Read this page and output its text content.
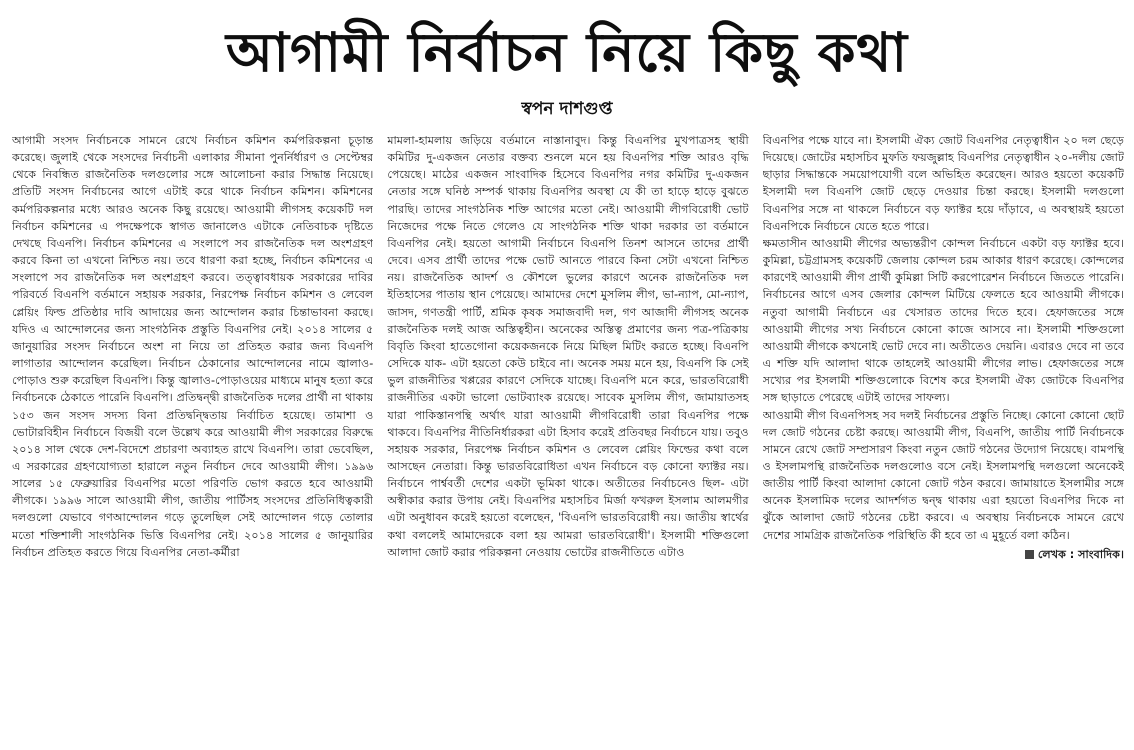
আগামী নির্বাচন নিয়ে কিছু কথা
স্বপন দাশগুপ্ত

আগামী সংসদ নির্বাচনকে সামনে রেখে নির্বাচন কমিশন কর্মপরিকল্পনা চূড়ান্ত করেছে। জুলাই থেকে সংসদের নির্বাচনী এলাকার সীমানা পুনর্নির্ধারণ ও সেপ্টেম্বর থেকে নিবন্ধিত রাজনৈতিক দলগুলোর সঙ্গে আলোচনা করার সিদ্ধান্ত নিয়েছে। প্রতিটি সংসদ নির্বাচনের আগে এটাই করে থাকে নির্বাচন কমিশন। কমিশনের কর্মপরিকল্পনার মধ্যে আরও অনেক কিছু রয়েছে। আওয়ামী লীগসহ কয়েকটি দল নির্বাচন কমিশনের এ পদক্ষেপকে স্বাগত জানালেও এটাকে নেতিবাচক দৃষ্টিতে দেখছে বিএনপি। নির্বাচন কমিশনের এ সংলাপে সব রাজনৈতিক দল অংশগ্রহণ করবে কিনা তা এখনো নিশ্চিত নয়। তবে ধারণা করা হচ্ছে, নির্বাচন কমিশনের এ সংলাপে সব রাজনৈতিক দল অংশগ্রহণ করবে। তত্ত্বাবধায়ক সরকারের দাবির পরিবর্তে বিএনপি বর্তমানে সহায়ক সরকার, নিরপেক্ষ নির্বাচন কমিশন ও লেবেল প্লেয়িং ফিল্ড প্রতিষ্ঠার দাবি আদায়ের জন্য আন্দোলন করার চিন্তাভাবনা করছে। যদিও এ আন্দোলনের জন্য সাংগঠনিক প্রস্তুতি বিএনপির নেই। ২০১৪ সালের ৫ জানুয়ারির সংসদ নির্বাচনে অংশ না নিয়ে তা প্রতিহত করার জন্য বিএনপি লাগাতার আন্দোলন করেছিল। নির্বাচন ঠেকানোর আন্দোলনের নামে জ্বালাও-পোড়াও শুরু করেছিল বিএনপি। কিন্তু জ্বালাও-পোড়াওয়ের মাধ্যমে মানুষ হত্যা করে নির্বাচনকে ঠেকাতে পারেনি বিএনপি। প্রতিদ্বন্দ্বী রাজনৈতিক দলের প্রার্থী না থাকায় ১৫৩ জন সংসদ সদস্য বিনা প্রতিদ্বন্দ্বিতায় নির্বাচিত হয়েছে। তামাশা ও ভোটারবিহীন নির্বাচনে বিজয়ী বলে উল্লেখ করে আওয়ামী লীগ সরকারের বিরুদ্ধে ২০১৪ সাল থেকে দেশ-বিদেশে প্রচারণা অব্যাহত রাখে বিএনপি। তারা ভেবেছিল, এ সরকারের গ্রহণযোগ্যতা হারালে নতুন নির্বাচন দেবে আওয়ামী লীগ। ১৯৯৬ সালের ১৫ ফেব্রুয়ারির বিএনপির মতো পরিণতি ভোগ করতে হবে আওয়ামী লীগকে। ১৯৯৬ সালে আওয়ামী লীগ, জাতীয় পার্টিসহ সংসদের প্রতিনিধিত্বকারী দলগুলো যেভাবে গণআন্দোলন গড়ে তুলেছিল সেই আন্দোলন গড়ে তোলার মতো শক্তিশালী সাংগঠনিক ভিত্তি বিএনপির নেই। ২০১৪ সালের ৫ জানুয়ারির নির্বাচন প্রতিহত করতে গিয়ে বিএনপির নেতা-কর্মীরা

মামলা-হামলায় জড়িয়ে বর্তমানে নাস্তানাবুদ। কিন্তু বিএনপির মুখপাত্রসহ স্থায়ী কমিটির দু-একজন নেতার বক্তব্য শুনলে মনে হয় বিএনপির শক্তি আরও বৃদ্ধি পেয়েছে। মাঠের একজন সাংবাদিক হিসেবে বিএনপির নগর কমিটির দু-একজন নেতার সঙ্গে ঘনিষ্ঠ সম্পর্ক থাকায় বিএনপির অবস্থা যে কী তা হাড়ে হাড়ে বুঝতে পারছি। তাদের সাংগঠনিক শক্তি আগের মতো নেই। আওয়ামী লীগবিরোধী ভোট নিজেদের পক্ষে নিতে গেলেও যে সাংগঠনিক শক্তি থাকা দরকার তা বর্তমানে বিএনপির নেই। হয়তো আগামী নির্বাচনে বিএনপি তিনশ আসনে তাদের প্রার্থী দেবে। এসব প্রার্থী তাদের পক্ষে ভোট আনতে পারবে কিনা সেটা এখনো নিশ্চিত নয়। রাজনৈতিক আদর্শ ও কৌশলে ভুলের কারণে অনেক রাজনৈতিক দল ইতিহাসের পাতায় স্থান পেয়েছে। আমাদের দেশে মুসলিম লীগ, ভা-ন্যাপ, মো-ন্যাপ, জাসদ, গণতন্ত্রী পার্টি, শ্রমিক কৃষক সমাজবাদী দল, গণ আজাদী লীগসহ অনেক রাজনৈতিক দলই আজ অস্তিত্বহীন। অনেকের অস্তিত্ব প্রমাণের জন্য পত্র-পত্রিকায় বিবৃতি কিংবা হাতেগোনা কয়েকজনকে নিয়ে মিছিল মিটিং করতে হচ্ছে। বিএনপি সেদিকে যাক- এটা হয়তো কেউ চাইবে না। অনেক সময় মনে হয়, বিএনপি কি সেই ভুল রাজনীতির খপ্পরের কারণে সেদিকে যাচ্ছে। বিএনপি মনে করে, ভারতবিরোধী রাজনীতির একটা ভালো ভোটব্যাংক রয়েছে। সাবেক মুসলিম লীগ, জামায়াতসহ যারা পাকিস্তানপন্থি অর্থাৎ যারা আওয়ামী লীগবিরোধী তারা বিএনপির পক্ষে থাকবে। বিএনপির নীতিনির্ধারকরা এটা হিসাব করেই প্রতিবছর নির্বাচনে যায়। তবুও সহায়ক সরকার, নিরপেক্ষ নির্বাচন কমিশন ও লেবেল প্লেয়িং ফিল্ডের কথা বলে আসছেন নেতারা। কিন্তু ভারতবিরোধিতা এখন নির্বাচনে বড় কোনো ফ্যাক্টর নয়। নির্বাচনে পার্শ্ববর্তী দেশের একটা ভূমিকা থাকে। অতীতের নির্বাচনেও ছিল- এটা অস্বীকার করার উপায় নেই। বিএনপির মহাসচিব মির্জা ফখরুল ইসলাম আলমগীর এটা অনুধাবন করেই হয়তো বলেছেন, 'বিএনপি ভারতবিরোধী নয়। জাতীয় স্বার্থের কথা বললেই আমাদেরকে বলা হয় আমরা ভারতবিরোধী'। ইসলামী শক্তিগুলো আলাদা জোট করার পরিকল্পনা নেওয়ায় ভোটের রাজনীতিতে এটাও

বিএনপির পক্ষে যাবে না। ইসলামী ঐক্য জোট বিএনপির নেতৃত্বাধীন ২০ দল ছেড়ে দিয়েছে। জোটের মহাসচিব মুফতি ফয়জুল্লাহ বিএনপির নেতৃত্বাধীন ২০-দলীয় জোট ছাড়ার সিদ্ধান্তকে সময়োপযোগী বলে অভিহিত করেছেন। আরও হয়তো কয়েকটি ইসলামী দল বিএনপি জোট ছেড়ে দেওয়ার চিন্তা করছে। ইসলামী দলগুলো বিএনপির সঙ্গে না থাকলে নির্বাচনে বড় ফ্যাক্টর হয়ে দাঁড়াবে, এ অবস্থায়ই হয়তো বিএনপিকে নির্বাচনে যেতে হতে পারে।

ক্ষমতাসীন আওয়ামী লীগের অভ্যন্তরীণ কোন্দল নির্বাচনে একটা বড় ফ্যাক্টর হবে। কুমিল্লা, চট্টগ্রামসহ কয়েকটি জেলায় কোন্দল চরম আকার ধারণ করেছে। কোন্দলের কারণেই আওয়ামী লীগ প্রার্থী কুমিল্লা সিটি করপোরেশন নির্বাচনে জিততে পারেনি। নির্বাচনের আগে এসব জেলার কোন্দল মিটিয়ে ফেলতে হবে আওয়ামী লীগকে। নতুবা আগামী নির্বাচনে এর খেসারত তাদের দিতে হবে। হেফাজতের সঙ্গে আওয়ামী লীগের সখ্য নির্বাচনে কোনো কাজে আসবে না। ইসলামী শক্তিগুলো আওয়ামী লীগকে কখনোই ভোট দেবে না। অতীতেও দেয়নি। এবারও দেবে না তবে এ শক্তি যদি আলাদা থাকে তাহলেই আওয়ামী লীগের লাভ। হেফাজতের সঙ্গে সখ্যের পর ইসলামী শক্তিগুলোকে বিশেষ করে ইসলামী ঐক্য জোটকে বিএনপির সঙ্গ ছাড়াতে পেরেছে এটাই তাদের সাফল্য।

আওয়ামী লীগ বিএনপিসহ সব দলই নির্বাচনের প্রস্তুতি নিচ্ছে। কোনো কোনো ছোট দল জোট গঠনের চেষ্টা করছে। আওয়ামী লীগ, বিএনপি, জাতীয় পার্টি নির্বাচনকে সামনে রেখে জোট সম্প্রসারণ কিংবা নতুন জোট গঠনের উদ্যোগ নিয়েছে। বামপন্থি ও ইসলামপন্থি রাজনৈতিক দলগুলোও বসে নেই। ইসলামপন্থি দলগুলো অনেকেই জাতীয় পার্টি কিংবা আলাদা কোনো জোট গঠন করবে। জামায়াতে ইসলামীর সঙ্গে অনেক ইসলামিক দলের আদর্শগত দ্বন্দ্ব থাকায় এরা হয়তো বিএনপির দিকে না ঝুঁকে আলাদা জোট গঠনের চেষ্টা করবে। এ অবস্থায় নির্বাচনকে সামনে রেখে দেশের সামগ্রিক রাজনৈতিক পরিস্থিতি কী হবে তা এ মুহূর্তে বলা কঠিন।

লেখক : সাংবাদিক।
